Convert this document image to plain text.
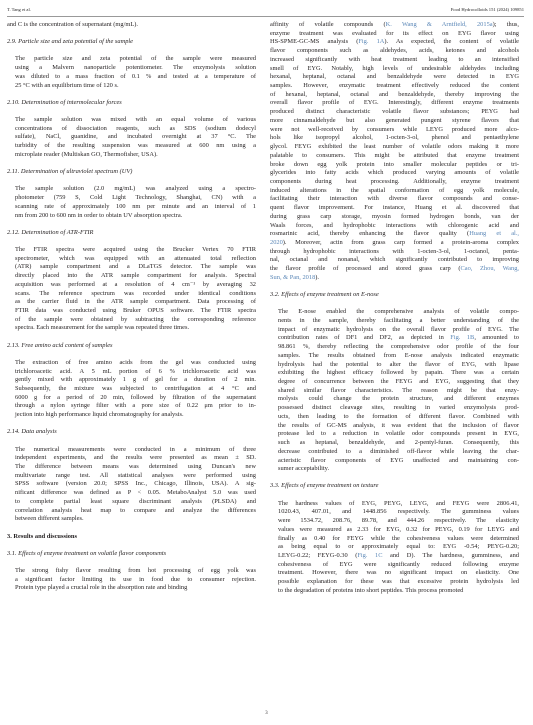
T. Tang et al.	Food Hydrocolloids 151 (2024) 109851
and C is the concentration of supernatant (mg/mL).
2.9. Particle size and zeta potential of the sample
The particle size and zeta potential of the sample were measured
using a Malvern nanoparticle potentiometer. The enzymolysis solution
was diluted to a mass fraction of 0.1 % and tested at a temperature of
25 °C with an equilibrium time of 120 s.
2.10. Determination of intermolecular forces
The sample solution was mixed with an equal volume of various
concentrations of dissociation reagents, such as SDS (sodium dodecyl
sulfate), NaCl, guanidine, and incubated overnight at 37 °C. The
turbidity of the resulting suspension was measured at 600 nm using a
microplate reader (Multiskan GO, Thermofisher, USA).
2.11. Determination of ultraviolet spectrum (UV)
The sample solution (2.0 mg/mL) was analyzed using a spectro-
photometer (759 S, Cold Light Technology, Shanghai, CN) with a
scanning rate of approximately 100 nm per minute and an interval of 1
nm from 200 to 600 nm in order to obtain UV absorption spectra.
2.12. Determination of ATR-FTIR
The FTIR spectra were acquired using the Brucker Vertex 70 FTIR
spectrometer, which was equipped with an attenuated total reflection
(ATR) sample compartment and a DLaTGS detector. The sample was
directly placed into the ATR sample compartment for analysis. Spectral
acquisition was performed at a resolution of 4 cm⁻¹ by averaging 32
scans. The reference spectrum was recorded under identical conditions
as the carrier fluid in the ATR sample compartment. Data processing of
FTIR data was conducted using Bruker OPUS software. The FTIR spectra
of the sample were obtained by subtracting the corresponding reference
spectra. Each measurement for the sample was repeated three times.
2.13. Free amino acid content of samples
The extraction of free amino acids from the gel was conducted using
trichloroacetic acid. A 5 mL portion of 6 % trichloroacetic acid was
gently mixed with approximately 1 g of gel for a duration of 2 min.
Subsequently, the mixture was subjected to centrifugation at 4 °C and
6000 g for a period of 20 min, followed by filtration of the supernatant
through a nylon syringe filter with a pore size of 0.22 μm prior to in-
jection into high performance liquid chromatography for analysis.
2.14. Data analysis
The numerical measurements were conducted in a minimum of three
independent experiments, and the results were presented as mean ± SD.
The difference between means was determined using Duncan's new
multivariate range test. All statistical analyses were performed using
SPSS software (version 20.0; SPSS Inc., Chicago, Illinois, USA). A sig-
nificant difference was defined as P < 0.05. MetaboAnalyst 5.0 was used
to complete partial least square discriminant analysis (PLSDA) and
correlation analysis heat map to compare and analyze the differences
between different samples.
3. Results and discussions
3.1. Effects of enzyme treatment on volatile flavor components
The strong fishy flavor resulting from hot processing of egg yolk was
a significant factor limiting its use in food due to consumer rejection.
Protein type played a crucial role in the absorption rate and binding
affinity of volatile compounds (K. Wang & Arntfield, 2015a); thus,
enzyme treatment was evaluated for its effect on EYG flavor using
HS-SPME-GC-MS analysis (Fig. 1A). As expected, the content of volatile
flavor components such as aldehydes, acids, ketones and alcohols
increased significantly with heat treatment leading to an intensified
smell of EYG. Notably, high levels of undesirable aldehydes including
hexanal, heptanal, octanal and benzaldehyde were detected in EYG
samples. However, enzymatic treatment effectively reduced the content
of hexanal, heptanal, octanal and benzaldehyde, thereby improving the
overall flavor profile of EYG. Interestingly, different enzyme treatments
produced distinct characteristic volatile flavor substances; PEYG had
more cinnamaldehyde but also generated pungent styrene flavors that
were not well-received by consumers while LEYG produced more alco-
hols like isopropyl alcohol, 1-octen-3-ol, phenol and pentaethylene
glycol. FEYG exhibited the least number of volatile odors making it more
palatable to consumers. This might be attributed that enzyme treatment
broke down egg yolk protein into smaller molecular peptides or tri-
glycerides into fatty acids which produced varying amounts of volatile
components during heat processing. Additionally, enzyme treatment
induced alterations in the spatial conformation of egg yolk molecule,
facilitating their interaction with diverse flavor compounds and conse-
quent flavor improvement. For instance, Huang et al. discovered that
during grass carp storage, myosin formed hydrogen bonds, van der
Waals forces, and hydrophobic interactions with chlorogenic acid and
rosmarinic acid, thereby enhancing the flavor quality (Huang et al.,
2020). Moreover, actin from grass carp formed a protein-aroma complex
through hydrophobic interactions with 1-octen-3-ol, 1-octanol, penta-
nal, octanal and nonanal, which significantly contributed to improving
the flavor profile of processed and stored grass carp (Cao, Zhou, Wang,
Sun, & Pan, 2018).
3.2. Effects of enzyme treatment on E-nose
The E-nose enabled the comprehensive analysis of volatile compo-
nents in the sample, thereby facilitating a better understanding of the
impact of enzymatic hydrolysis on the overall flavor profile of EYG. The
contribution rates of DF1 and DF2, as depicted in Fig. 1B, amounted to
98.861 %, thereby reflecting the comprehensive odor profile of the four
samples. The results obtained from E-nose analysis indicated enzymatic
hydrolysis had the potential to alter the flavor of EYG, with lipase
exhibiting the highest efficacy followed by papain. There was a certain
degree of concurrence between the FEYG and EYG, suggesting that they
shared similar flavor characteristics. The reason might be that enzy-
molysis could change the protein structure, and different enzymes
possessed distinct cleavage sites, resulting in varied enzymolysis prod-
ucts, then leading to the formation of different flavor. Combined with
the results of GC-MS analysis, it was evident that the inclusion of flavor
protease led to a reduction in volatile odor compounds present in EYG,
such as heptanal, benzaldehyde, and 2-pentyl-furan. Consequently, this
decrease contributed to a diminished off-flavor while leaving the char-
acteristic flavor components of EYG unaffected and maintaining con-
sumer acceptability.
3.3. Effects of enzyme treatment on texture
The hardness values of EYG, PEYG, LEYG, and FEYG were 2806.41,
1020.43, 407.01, and 1448.856 respectively. The gumminess values
were 1534.72, 208.76, 89.78, and 444.26 respectively. The elasticity
values were measured as 2.33 for EYG, 0.32 for PEYG, 0.19 for LEYG and
finally as 0.40 for FEYG while the cohesiveness values were determined
as being equal to or approximately equal to: EYG -0.54; PEYG-0.20;
LEYG-0.22; FEYG-0.30 (Fig. 1C and D). The hardness, gumminess, and
cohesiveness of EYG were significantly reduced following enzyme
treatment. However, there was no significant impact on elasticity. One
possible explanation for these was that excessive protein hydrolysis led
to the degradation of proteins into short peptides. This process promoted
3
